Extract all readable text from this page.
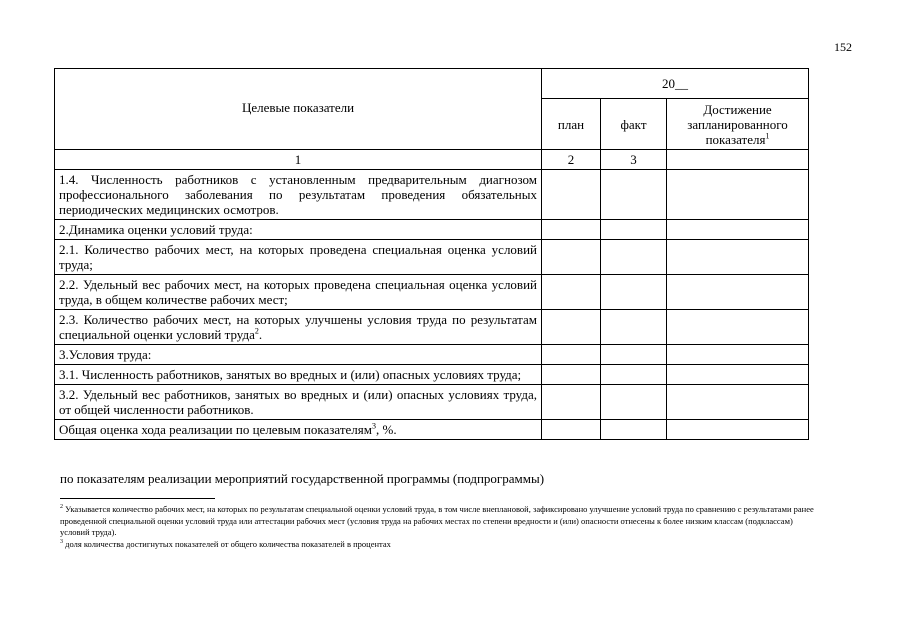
152
Целевые показатели	20__		
	план	факт	Достижение запланированного показателя$^1$
1	2	3	
1.4. Численность работников с установленным предварительным диагнозом профессионального заболевания по результатам проведения обязательных периодических медицинских осмотров.			
2.Динамика оценки условий труда:			
2.1. Количество рабочих мест, на которых проведена специальная оценка условий труда;			
2.2. Удельный вес рабочих мест, на которых проведена специальная оценка условий труда, в общем количестве рабочих мест;			
2.3. Количество рабочих мест, на которых улучшены условия труда по результатам специальной оценки условий труда$^2$.			
3.Условия труда:			
3.1. Численность работников, занятых во вредных и (или) опасных условиях труда;			
3.2. Удельный вес работников, занятых во вредных и (или) опасных условиях труда, от общей численности работников.			
Общая оценка хода реализации по целевым показателям$^3$, %.			
по показателям реализации мероприятий государственной программы (подпрограммы)

$^2$ Указывается количество рабочих мест, на которых по результатам специальной оценки условий труда, в том числе внеплановой, зафиксировано улучшение условий труда по сравнению с результатами ранее проведенной специальной оценки условий труда или аттестации рабочих мест (условия труда на рабочих местах по степени вредности и (или) опасности отнесены к более низким классам (подклассам) условий труда).

$^3$ доля количества достигнутых показателей от общего количества показателей в процентах
